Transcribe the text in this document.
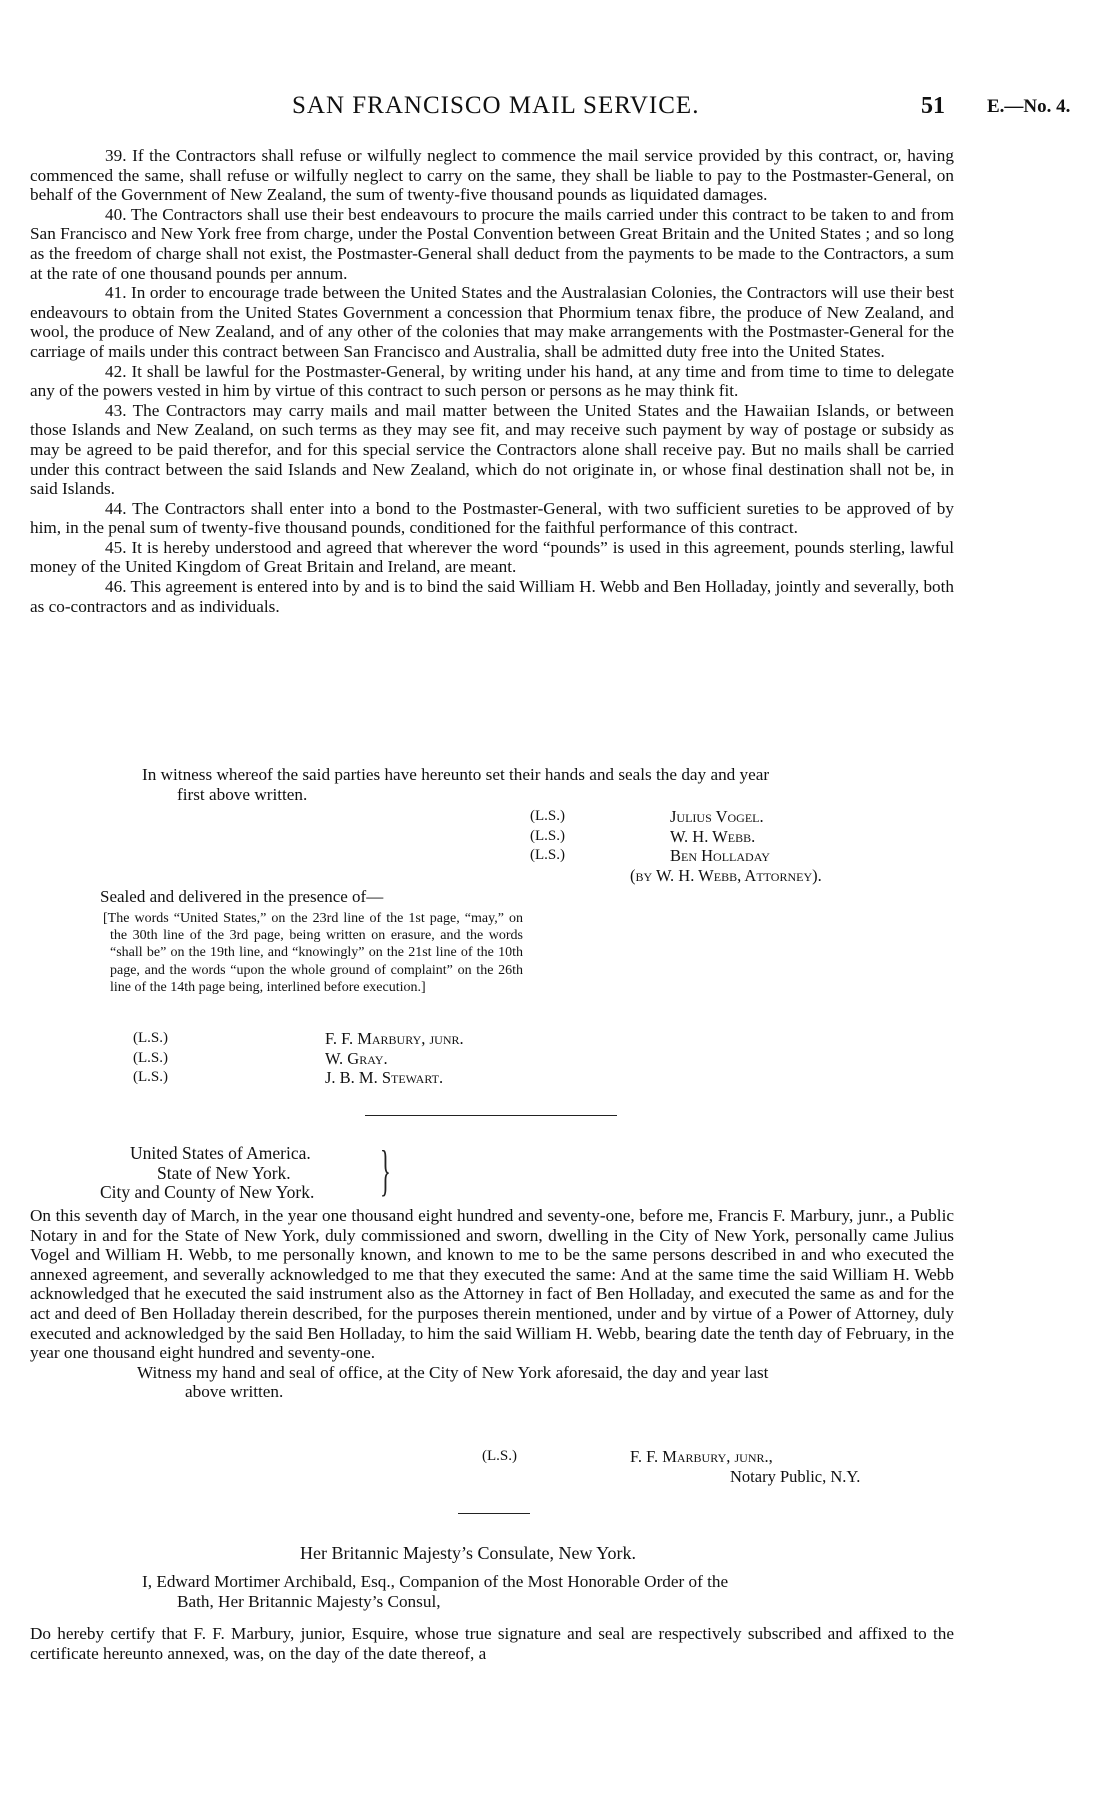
SAN FRANCISCO MAIL SERVICE.	51 E.—No. 4.

39. If the Contractors shall refuse or wilfully neglect to commence the mail service provided by this contract, or, having commenced the same, shall refuse or wilfully neglect to carry on the same, they shall be liable to pay to the Postmaster-General, on behalf of the Government of New Zealand, the sum of twenty-five thousand pounds as liquidated damages.

40. The Contractors shall use their best endeavours to procure the mails carried under this contract to be taken to and from San Francisco and New York free from charge, under the Postal Convention between Great Britain and the United States ; and so long as the freedom of charge shall not exist, the Postmaster-General shall deduct from the payments to be made to the Contractors, a sum at the rate of one thousand pounds per annum.

41. In order to encourage trade between the United States and the Australasian Colonies, the Contractors will use their best endeavours to obtain from the United States Government a concession that Phormium tenax fibre, the produce of New Zealand, and wool, the produce of New Zealand, and of any other of the colonies that may make arrangements with the Postmaster-General for the carriage of mails under this contract between San Francisco and Australia, shall be admitted duty free into the United States.

42. It shall be lawful for the Postmaster-General, by writing under his hand, at any time and from time to time to delegate any of the powers vested in him by virtue of this contract to such person or persons as he may think fit.

43. The Contractors may carry mails and mail matter between the United States and the Hawaiian Islands, or between those Islands and New Zealand, on such terms as they may see fit, and may receive such payment by way of postage or subsidy as may be agreed to be paid therefor, and for this special service the Contractors alone shall receive pay. But no mails shall be carried under this contract between the said Islands and New Zealand, which do not originate in, or whose final destination shall not be, in said Islands.

44. The Contractors shall enter into a bond to the Postmaster-General, with two sufficient sureties to be approved of by him, in the penal sum of twenty-five thousand pounds, conditioned for the faithful performance of this contract.

45. It is hereby understood and agreed that wherever the word “pounds” is used in this agreement, pounds sterling, lawful money of the United Kingdom of Great Britain and Ireland, are meant.

46. This agreement is entered into by and is to bind the said William H. Webb and Ben Holladay, jointly and severally, both as co-contractors and as individuals.

In witness whereof the said parties have hereunto set their hands and seals the day and year

first above written.

(L.S.)	Julius Vogel.
(L.S.)	W. H. Webb.
(L.S.)	Ben Holladay
(by W. H. Webb, Attorney).
Sealed and delivered in the presence of—

[The words “United States,” on the 23rd line of the 1st page, “may,” on the 30th line of the 3rd page, being written on erasure, and the words “shall be” on the 19th line, and “knowingly” on the 21st line of the 10th page, and the words “upon the whole ground of complaint” on the 26th line of the 14th page being, interlined before execution.]

(L.S.)	F. F. Marbury, junr.
(L.S.)	W. Gray.
(L.S.)	J. B. M. Stewart.
United States of America.
State of New York.
City and County of New York. }

On this seventh day of March, in the year one thousand eight hundred and seventy-one, before me, Francis F. Marbury, junr., a Public Notary in and for the State of New York, duly commissioned and sworn, dwelling in the City of New York, personally came Julius Vogel and William H. Webb, to me personally known, and known to me to be the same persons described in and who executed the annexed agreement, and severally acknowledged to me that they executed the same: And at the same time the said William H. Webb acknowledged that he executed the said instrument also as the Attorney in fact of Ben Holladay, and executed the same as and for the act and deed of Ben Holladay therein described, for the purposes therein mentioned, under and by virtue of a Power of Attorney, duly executed and acknowledged by the said Ben Holladay, to him the said William H. Webb, bearing date the tenth day of February, in the year one thousand eight hundred and seventy-one.

Witness my hand and seal of office, at the City of New York aforesaid, the day and year last

above written.

(L.S.)	F. F. Marbury, junr.,
Notary Public, N.Y.
Her Britannic Majesty’s Consulate, New York.

I, Edward Mortimer Archibald, Esq., Companion of the Most Honorable Order of the

Bath, Her Britannic Majesty’s Consul,

Do hereby certify that F. F. Marbury, junior, Esquire, whose true signature and seal are respectively subscribed and affixed to the certificate hereunto annexed, was, on the day of the date thereof, a
